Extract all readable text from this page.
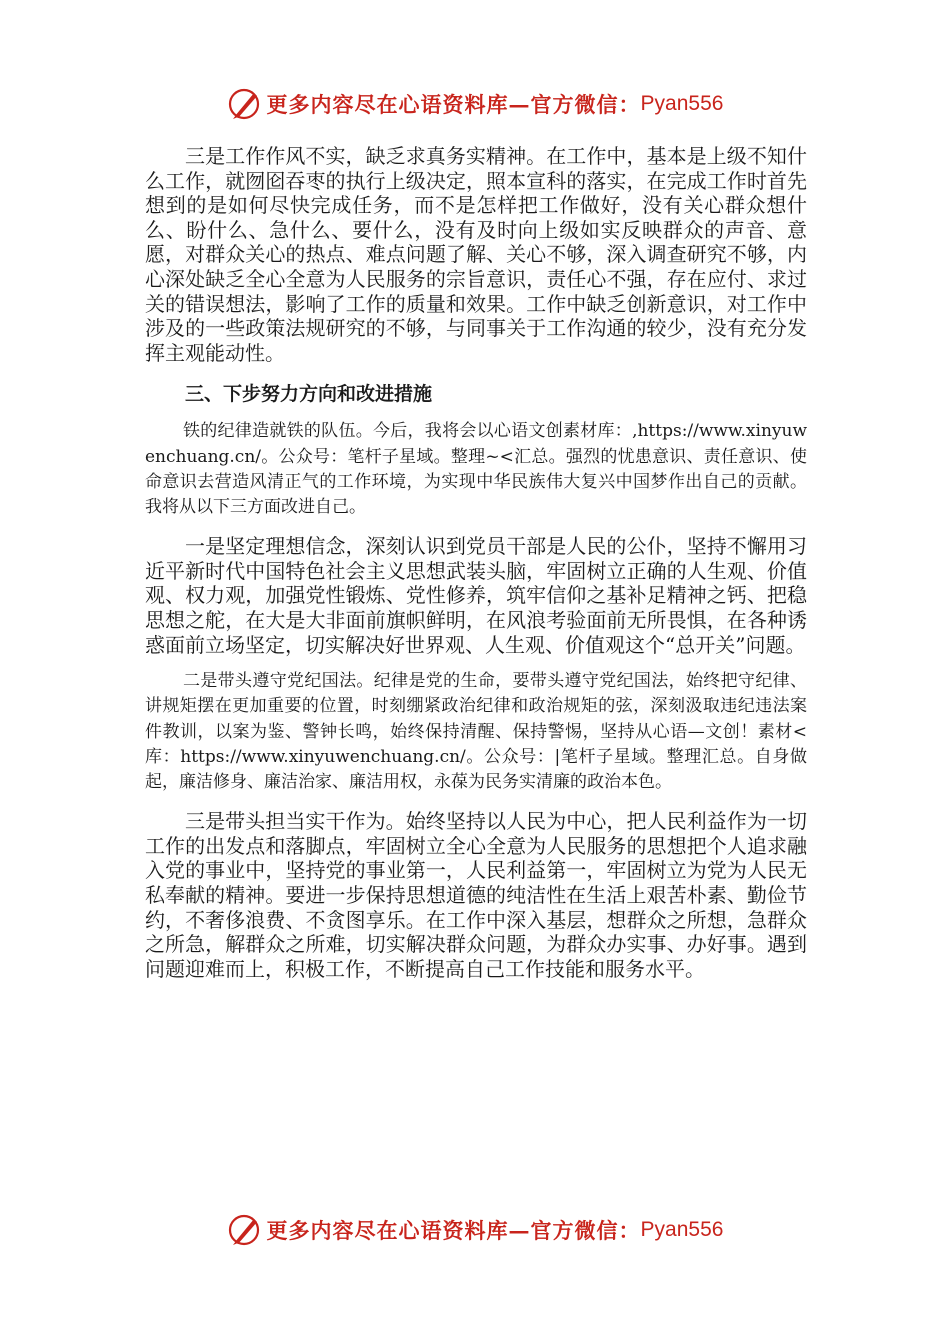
更多内容尽在心语资料库—官方微信： Pyan556

三是工作作风不实，缺乏求真务实精神。在工作中，基本是上级不知什么工作，就囫囵吞枣的执行上级决定，照本宣科的落实，在完成工作时首先想到的是如何尽快完成任务，而不是怎样把工作做好，没有关心群众想什么、盼什么、急什么、要什么，没有及时向上级如实反映群众的声音、意愿，对群众关心的热点、难点问题了解、关心不够，深入调查研究不够，内心深处缺乏全心全意为人民服务的宗旨意识，责任心不强，存在应付、求过关的错误想法，影响了工作的质量和效果。工作中缺乏创新意识，对工作中涉及的一些政策法规研究的不够，与同事关于工作沟通的较少，没有充分发挥主观能动性。

三、下步努力方向和改进措施

铁的纪律造就铁的队伍。今后，我将会以心语文创素材库：,https://www.xinyuwenchuang.cn/。公众号：笔杆子星域。整理~<汇总。强烈的忧患意识、责任意识、使命意识去营造风清正气的工作环境，为实现中华民族伟大复兴中国梦作出自己的贡献。我将从以下三方面改进自己。

一是坚定理想信念，深刻认识到党员干部是人民的公仆，坚持不懈用习近平新时代中国特色社会主义思想武装头脑，牢固树立正确的人生观、价值观、权力观，加强党性锻炼、党性修养，筑牢信仰之基补足精神之钙、把稳思想之舵，在大是大非面前旗帜鲜明，在风浪考验面前无所畏惧，在各种诱惑面前立场坚定，切实解决好世界观、人生观、价值观这个“总开关”问题。

二是带头遵守党纪国法。纪律是党的生命，要带头遵守党纪国法，始终把守纪律、讲规矩摆在更加重要的位置，时刻绷紧政治纪律和政治规矩的弦，深刻汲取违纪违法案件教训，以案为鉴、警钟长鸣，始终保持清醒、保持警惕，坚持从心语—文创！素材<库：https://www.xinyuwenchuang.cn/。公众号：|笔杆子星域。整理汇总。自身做起，廉洁修身、廉洁治家、廉洁用权，永葆为民务实清廉的政治本色。

三是带头担当实干作为。始终坚持以人民为中心，把人民利益作为一切工作的出发点和落脚点，牢固树立全心全意为人民服务的思想把个人追求融入党的事业中，坚持党的事业第一，人民利益第一，牢固树立为党为人民无私奉献的精神。要进一步保持思想道德的纯洁性在生活上艰苦朴素、勤俭节约，不奢侈浪费、不贪图享乐。在工作中深入基层，想群众之所想，急群众之所急，解群众之所难，切实解决群众问题，为群众办实事、办好事。遇到问题迎难而上，积极工作，不断提高自己工作技能和服务水平。

更多内容尽在心语资料库—官方微信： Pyan556
